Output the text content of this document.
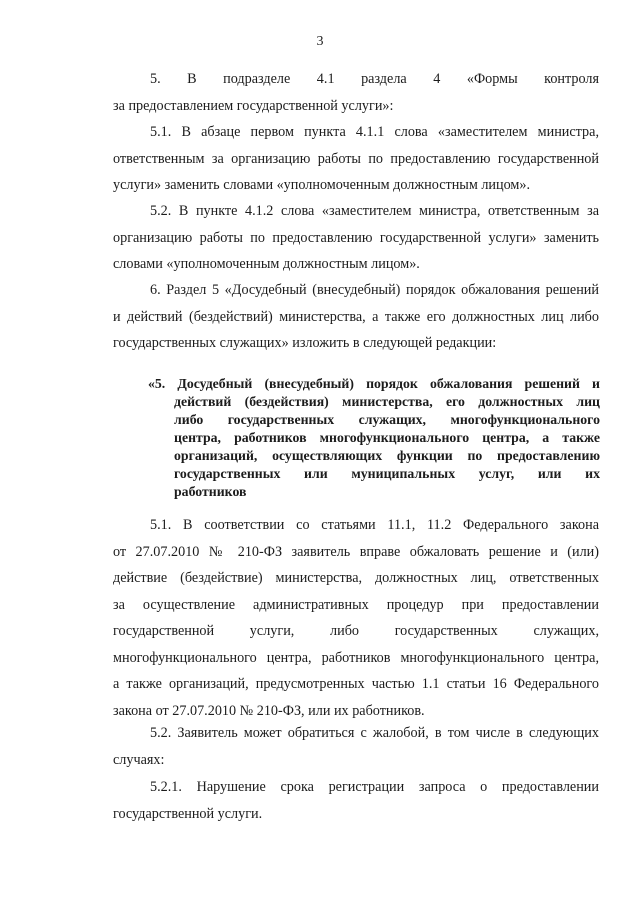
3
5. В подразделе 4.1 раздела 4 «Формы контроля
за предоставлением государственной услуги»:
5.1. В абзаце первом пункта 4.1.1 слова «заместителем министра,
ответственным за организацию работы по предоставлению государственной
услуги» заменить словами «уполномоченным должностным лицом».
5.2. В пункте 4.1.2 слова «заместителем министра, ответственным за
организацию работы по предоставлению государственной услуги» заменить
словами «уполномоченным должностным лицом».
6. Раздел 5 «Досудебный (внесудебный) порядок обжалования решений
и действий (бездействий) министерства, а также его должностных лиц либо
государственных служащих» изложить в следующей редакции:
«5. Досудебный (внесудебный) порядок обжалования решений и
действий (бездействия) министерства, его должностных лиц
либо государственных служащих, многофункционального
центра, работников многофункционального центра, а также
организаций, осуществляющих функции по предоставлению
государственных или муниципальных услуг, или их
работников
5.1. В соответствии со статьями 11.1, 11.2 Федерального закона
от 27.07.2010 № 210-ФЗ заявитель вправе обжаловать решение и (или)
действие (бездействие) министерства, должностных лиц, ответственных
за осуществление административных процедур при предоставлении
государственной услуги, либо государственных служащих,
многофункционального центра, работников многофункционального центра,
а также организаций, предусмотренных частью 1.1 статьи 16 Федерального
закона от 27.07.2010 № 210-ФЗ, или их работников.
5.2. Заявитель может обратиться с жалобой, в том числе в следующих
случаях:
5.2.1. Нарушение срока регистрации запроса о предоставлении
государственной услуги.
